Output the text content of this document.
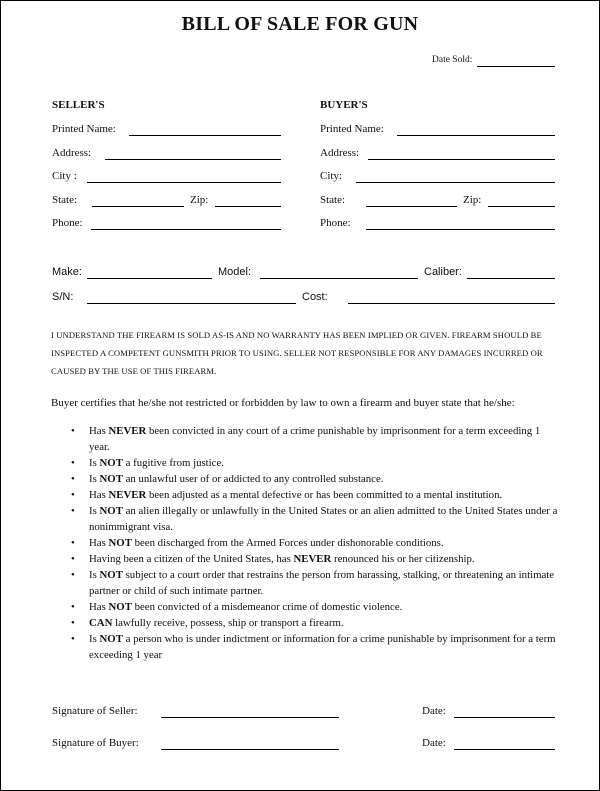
BILL OF SALE FOR GUN
Date Sold:
SELLER'S
Printed Name:
Address:
City :
State:	Zip:
Phone:
BUYER'S
Printed Name:
Address:
City:
State:	Zip:
Phone:
Make:	Model:	Caliber:
S/N:	Cost:
I UNDERSTAND THE FIREARM IS SOLD AS-IS AND NO WARRANTY HAS BEEN IMPLIED OR GIVEN. FIREARM SHOULD BE INSPECTED A COMPETENT GUNSMITH PRIOR TO USING. SELLER NOT RESPONSIBLE FOR ANY DAMAGES INCURRED OR CAUSED BY THE USE OF THIS FIREARM.
Buyer certifies that he/she not restricted or forbidden by law to own a firearm and buyer state that he/she:
• Has NEVER been convicted in any court of a crime punishable by imprisonment for a term exceeding 1 year.
• Is NOT a fugitive from justice.
• Is NOT an unlawful user of or addicted to any controlled substance.
• Has NEVER been adjusted as a mental defective or has been committed to a mental institution.
• Is NOT an alien illegally or unlawfully in the United States or an alien admitted to the United States under a nonimmigrant visa.
• Has NOT been discharged from the Armed Forces under dishonorable conditions.
• Having been a citizen of the United States, has NEVER renounced his or her citizenship.
• Is NOT subject to a court order that restrains the person from harassing, stalking, or threatening an intimate partner or child of such intimate partner.
• Has NOT been convicted of a misdemeanor crime of domestic violence.
• CAN lawfully receive, possess, ship or transport a firearm.
• Is NOT a person who is under indictment or information for a crime punishable by imprisonment for a term exceeding 1 year
Signature of Seller:	Date:
Signature of Buyer:	Date:
